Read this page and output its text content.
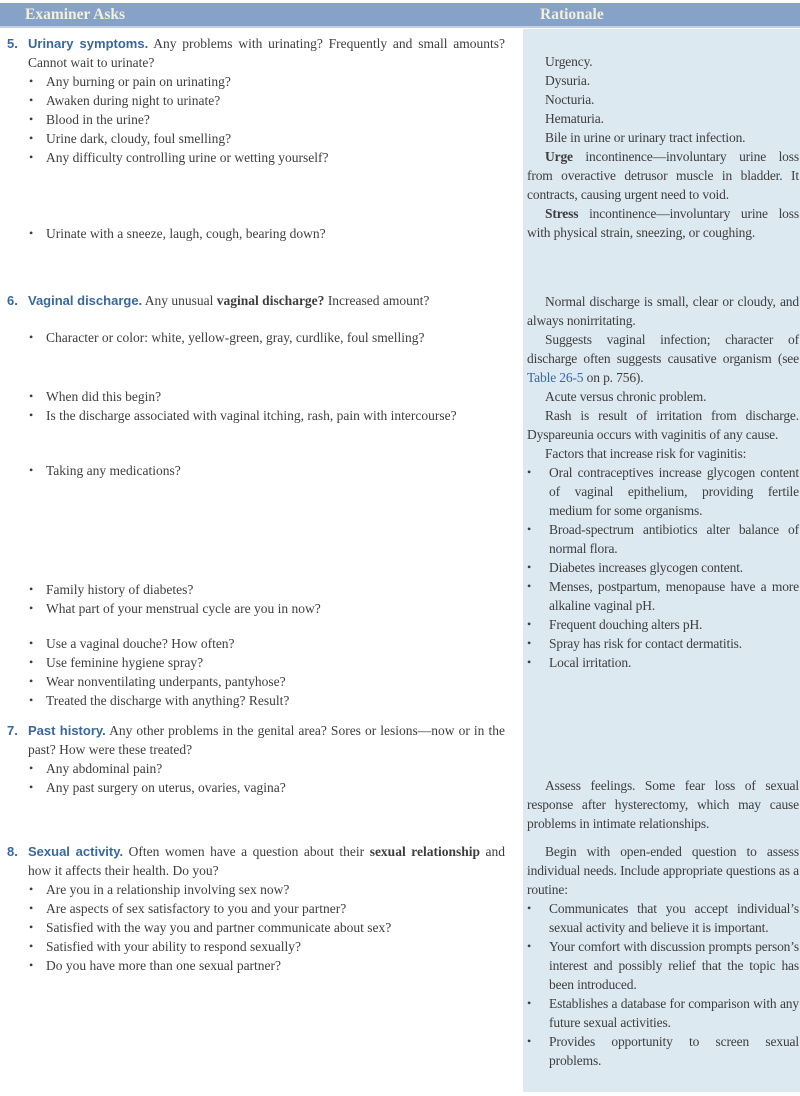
Examiner Asks	Rationale
5. Urinary symptoms. Any problems with urinating? Frequently and small amounts? Cannot wait to urinate?
• Any burning or pain on urinating?
• Awaken during night to urinate?
• Blood in the urine?
• Urine dark, cloudy, foul smelling?
• Any difficulty controlling urine or wetting yourself?
• Urinate with a sneeze, laugh, cough, bearing down?
6. Vaginal discharge. Any unusual vaginal discharge? Increased amount?
• Character or color: white, yellow-green, gray, curdlike, foul smelling?
• When did this begin?
• Is the discharge associated with vaginal itching, rash, pain with intercourse?
• Taking any medications?
• Family history of diabetes?
• What part of your menstrual cycle are you in now?
• Use a vaginal douche? How often?
• Use feminine hygiene spray?
• Wear nonventilating underpants, pantyhose?
• Treated the discharge with anything? Result?
7. Past history. Any other problems in the genital area? Sores or lesions—now or in the past? How were these treated?
• Any abdominal pain?
• Any past surgery on uterus, ovaries, vagina?
8. Sexual activity. Often women have a question about their sexual relationship and how it affects their health. Do you?
• Are you in a relationship involving sex now?
• Are aspects of sex satisfactory to you and your partner?
• Satisfied with the way you and partner communicate about sex?
• Satisfied with your ability to respond sexually?
• Do you have more than one sexual partner?

Urgency.

Dysuria.

Nocturia.

Hematuria.

Bile in urine or urinary tract infection.

Urge incontinence—involuntary urine loss from overactive detrusor muscle in bladder. It contracts, causing urgent need to void.

Stress incontinence—involuntary urine loss with physical strain, sneezing, or coughing.

Normal discharge is small, clear or cloudy, and always nonirritating.

Suggests vaginal infection; character of discharge often suggests causative organism (see Table 26-5 on p. 756).

Acute versus chronic problem.

Rash is result of irritation from discharge. Dyspareunia occurs with vaginitis of any cause.

Factors that increase risk for vaginitis:

• Oral contraceptives increase glycogen content of vaginal epithelium, providing fertile medium for some organisms.
• Broad-spectrum antibiotics alter balance of normal flora.
• Diabetes increases glycogen content.
• Menses, postpartum, menopause have a more alkaline vaginal pH.
• Frequent douching alters pH.
• Spray has risk for contact dermatitis.
• Local irritation.

Assess feelings. Some fear loss of sexual response after hysterectomy, which may cause problems in intimate relationships.

Begin with open-ended question to assess individual needs. Include appropriate questions as a routine:

• Communicates that you accept individual’s sexual activity and believe it is important.
• Your comfort with discussion prompts person’s interest and possibly relief that the topic has been introduced.
• Establishes a database for comparison with any future sexual activities.
• Provides opportunity to screen sexual problems.
